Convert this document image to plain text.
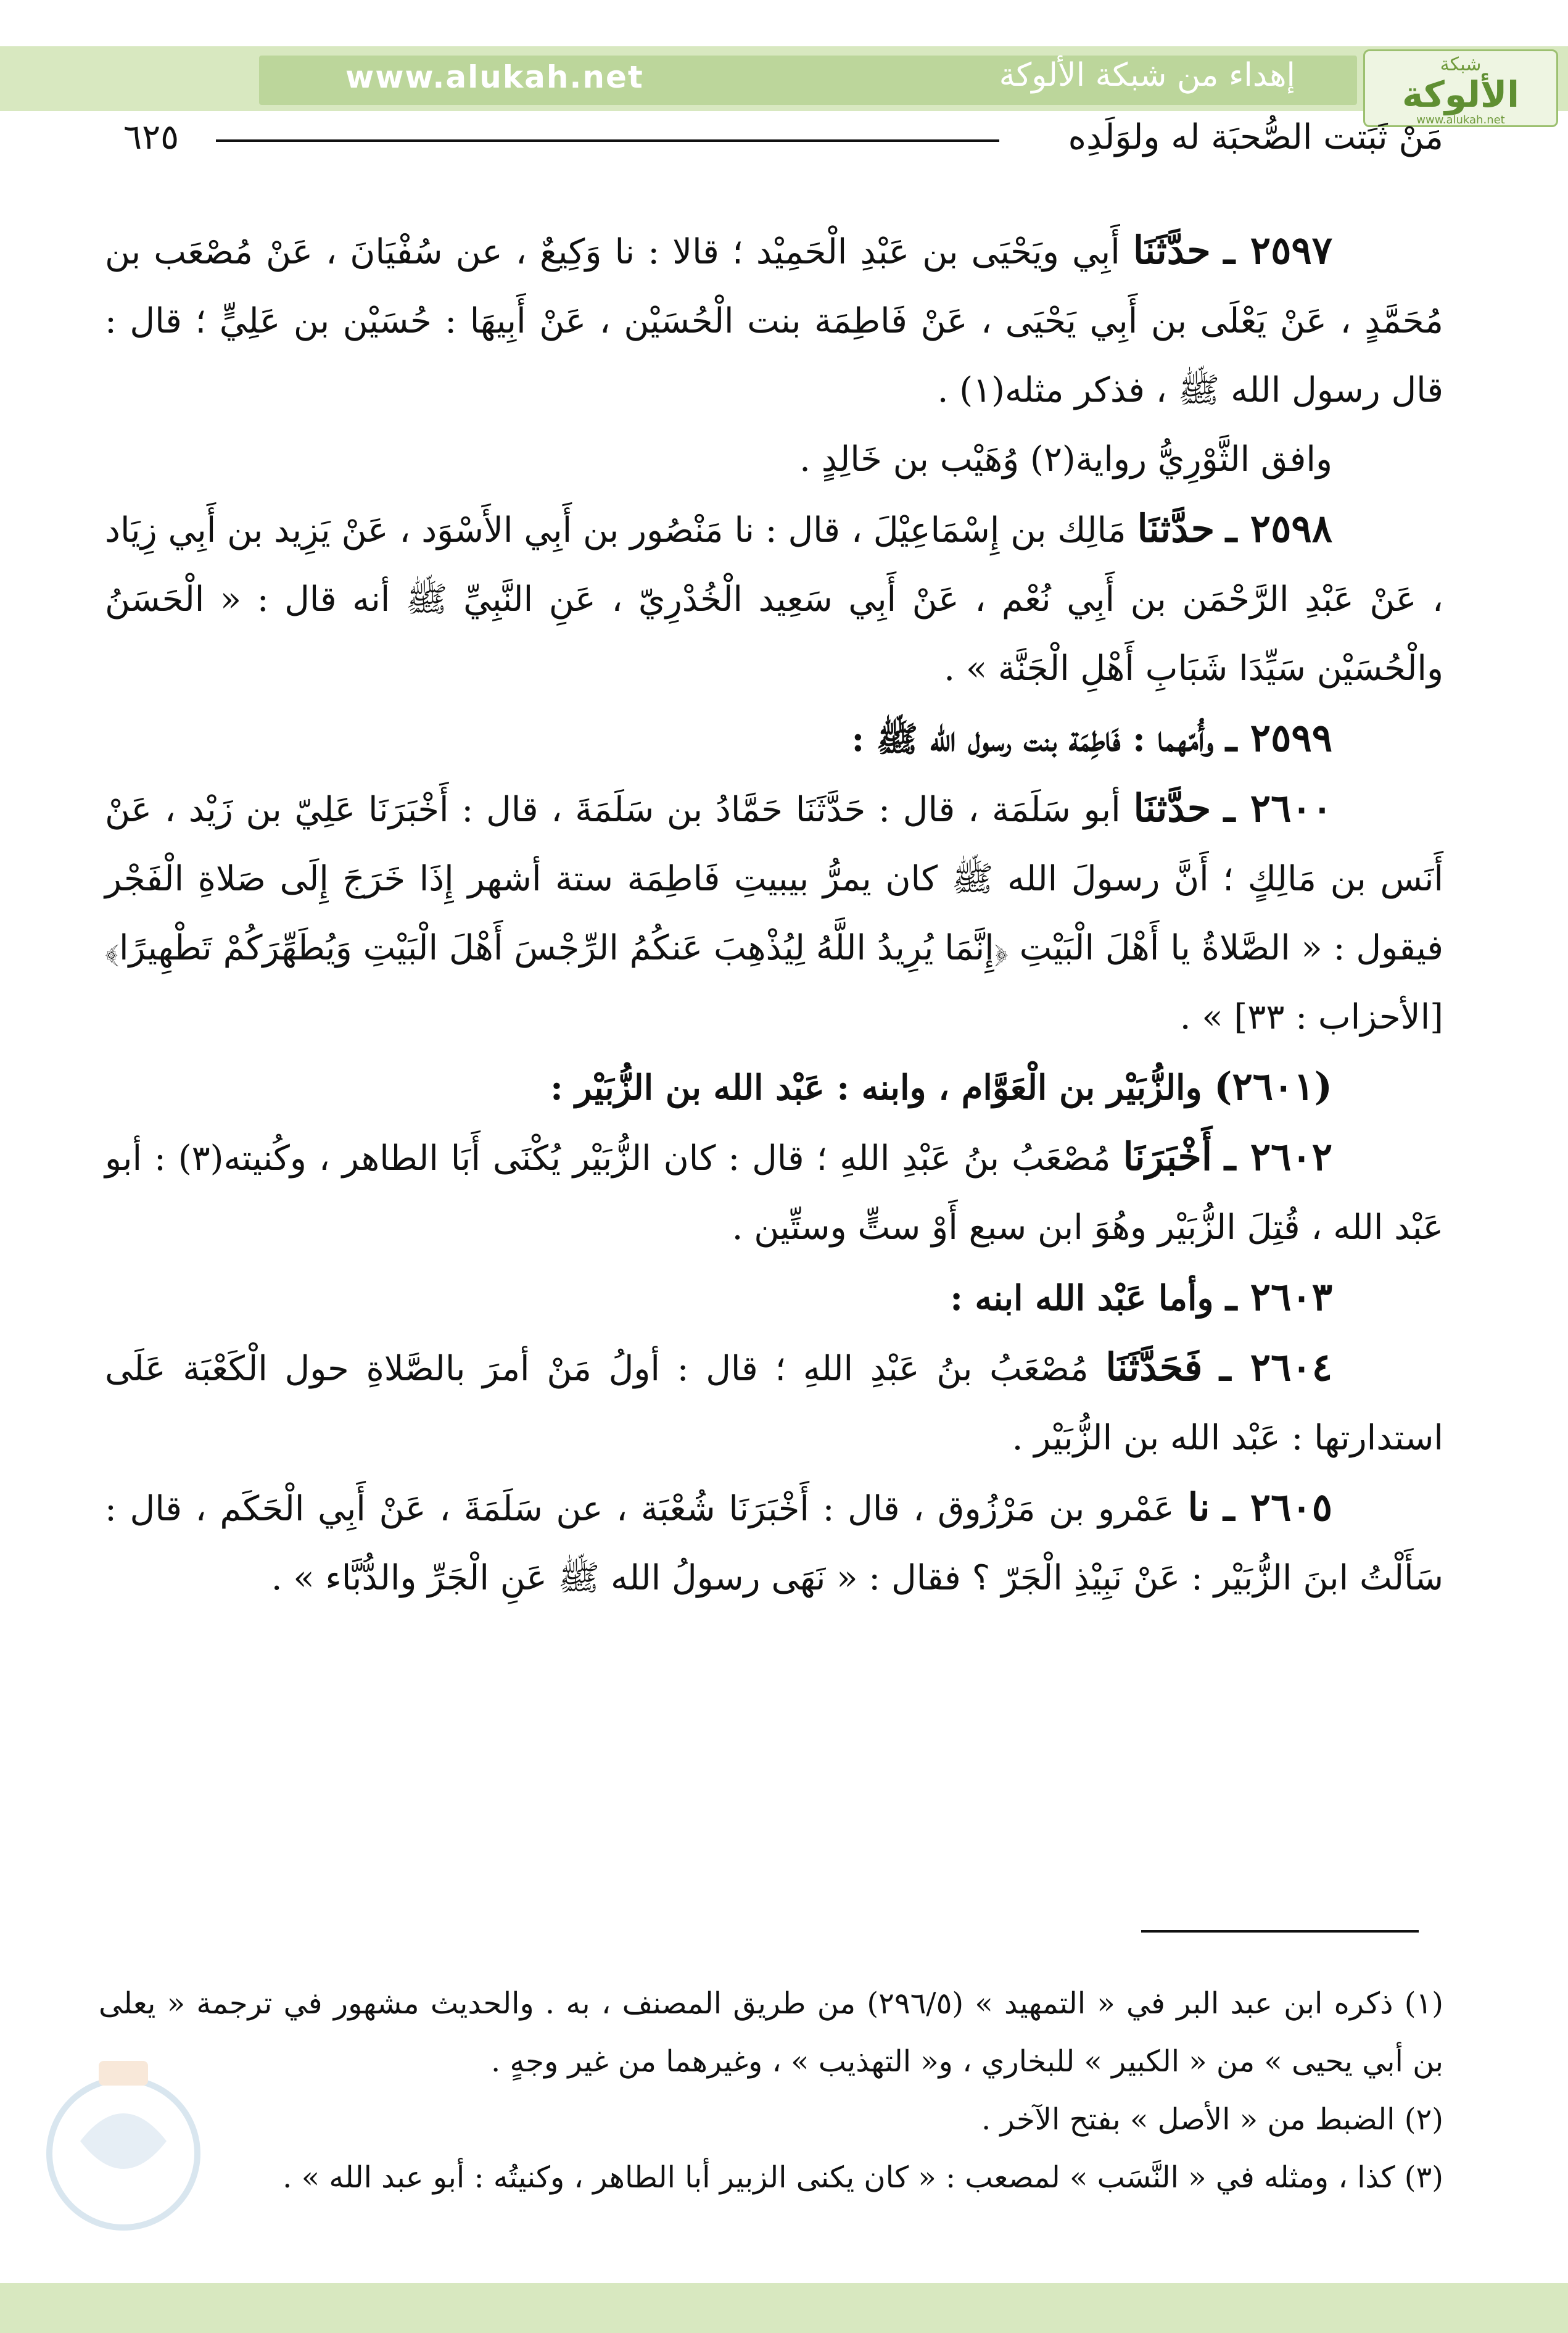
www.alukah.net	إهداء من شبكة الألوكة	شبكة
الألوكة
www.alukah.net
مَنْ ثَبَتت الصُّحبَة له ولوَلَدِه
٦٢٥

٢٥٩٧ ـ حدَّثَنَا أَبِي ويَحْيَى بن عَبْدِ الْحَمِيْد ؛ قالا : نا وَكِيعٌ ، عن سُفْيَانَ ، عَنْ مُصْعَب بن مُحَمَّدٍ ، عَنْ يَعْلَى بن أَبِي يَحْيَى ، عَنْ فَاطِمَة بنت الْحُسَيْن ، عَنْ أَبِيهَا : حُسَيْن بن عَلِيٍّ ؛ قال : قال رسول الله ﷺ ، فذكر مثله(١) .

وافق الثَّوْرِيُّ رواية(٢) وُهَيْب بن خَالِدٍ .

٢٥٩٨ ـ حدَّثنَا مَالِك بن إِسْمَاعِيْلَ ، قال : نا مَنْصُور بن أَبِي الأَسْوَد ، عَنْ يَزِيد بن أَبِي زِيَاد ، عَنْ عَبْدِ الرَّحْمَن بن أَبِي نُعْم ، عَنْ أَبِي سَعِيد الْخُدْرِيّ ، عَنِ النَّبِيِّ ﷺ أنه قال : « الْحَسَنُ والْحُسَيْن سَيِّدَا شَبَابِ أَهْلِ الْجَنَّة » .

٢٥٩٩ ـ وأُمّهما : فَاطِمَة بنت رسول الله ﷺ :

٢٦٠٠ ـ حدَّثنَا أبو سَلَمَة ، قال : حَدَّثَنَا حَمَّادُ بن سَلَمَةَ ، قال : أَخْبَرَنَا عَلِيّ بن زَيْد ، عَنْ أَنَس بن مَالِكٍ ؛ أَنَّ رسولَ الله ﷺ كان يمرُّ بيبيتِ فَاطِمَة ستة أشهر إِذَا خَرَجَ إِلَى صَلاةِ الْفَجْر فيقول : « الصَّلاةُ يا أَهْلَ الْبَيْتِ ﴿إِنَّمَا يُرِيدُ اللَّهُ لِيُذْهِبَ عَنكُمُ الرِّجْسَ أَهْلَ الْبَيْتِ وَيُطَهِّرَكُمْ تَطْهِيرًا﴾ [الأحزاب : ٣٣] » .

(٢٦٠١) والزُّبَيْر بن الْعَوَّام ، وابنه : عَبْد الله بن الزُّبَيْر :

٢٦٠٢ ـ أَخْبَرَنَا مُصْعَبُ بنُ عَبْدِ اللهِ ؛ قال : كان الزُّبَيْر يُكْنَى أَبَا الطاهر ، وكُنيته(٣) : أبو عَبْد الله ، قُتِلَ الزُّبَيْر وهُوَ ابن سبع أَوْ ستٍّ وستِّين .

٢٦٠٣ ـ وأما عَبْد الله ابنه :

٢٦٠٤ ـ فَحَدَّثَنَا مُصْعَبُ بنُ عَبْدِ اللهِ ؛ قال : أولُ مَنْ أمرَ بالصَّلاةِ حول الْكَعْبَة عَلَى استدارتها : عَبْد الله بن الزُّبَيْر .

٢٦٠٥ ـ نا عَمْرو بن مَرْزُوق ، قال : أَخْبَرَنَا شُعْبَة ، عن سَلَمَةَ ، عَنْ أَبِي الْحَكَم ، قال : سَأَلْتُ ابنَ الزُّبَيْر : عَنْ نَبِيْذِ الْجَرّ ؟ فقال : « نَهَى رسولُ الله ﷺ عَنِ الْجَرِّ والدُّبَّاء » .

(١) ذكره ابن عبد البر في « التمهيد » (٢٩٦/٥) من طريق المصنف ، به . والحديث مشهور في ترجمة « يعلى بن أبي يحيى » من « الكبير » للبخاري ، و« التهذيب » ، وغيرهما من غير وجهٍ .

(٢) الضبط من « الأصل » بفتح الآخر .

(٣) كذا ، ومثله في « النَّسَب » لمصعب : « كان يكنى الزبير أبا الطاهر ، وكنيتُه : أبو عبد الله » .
